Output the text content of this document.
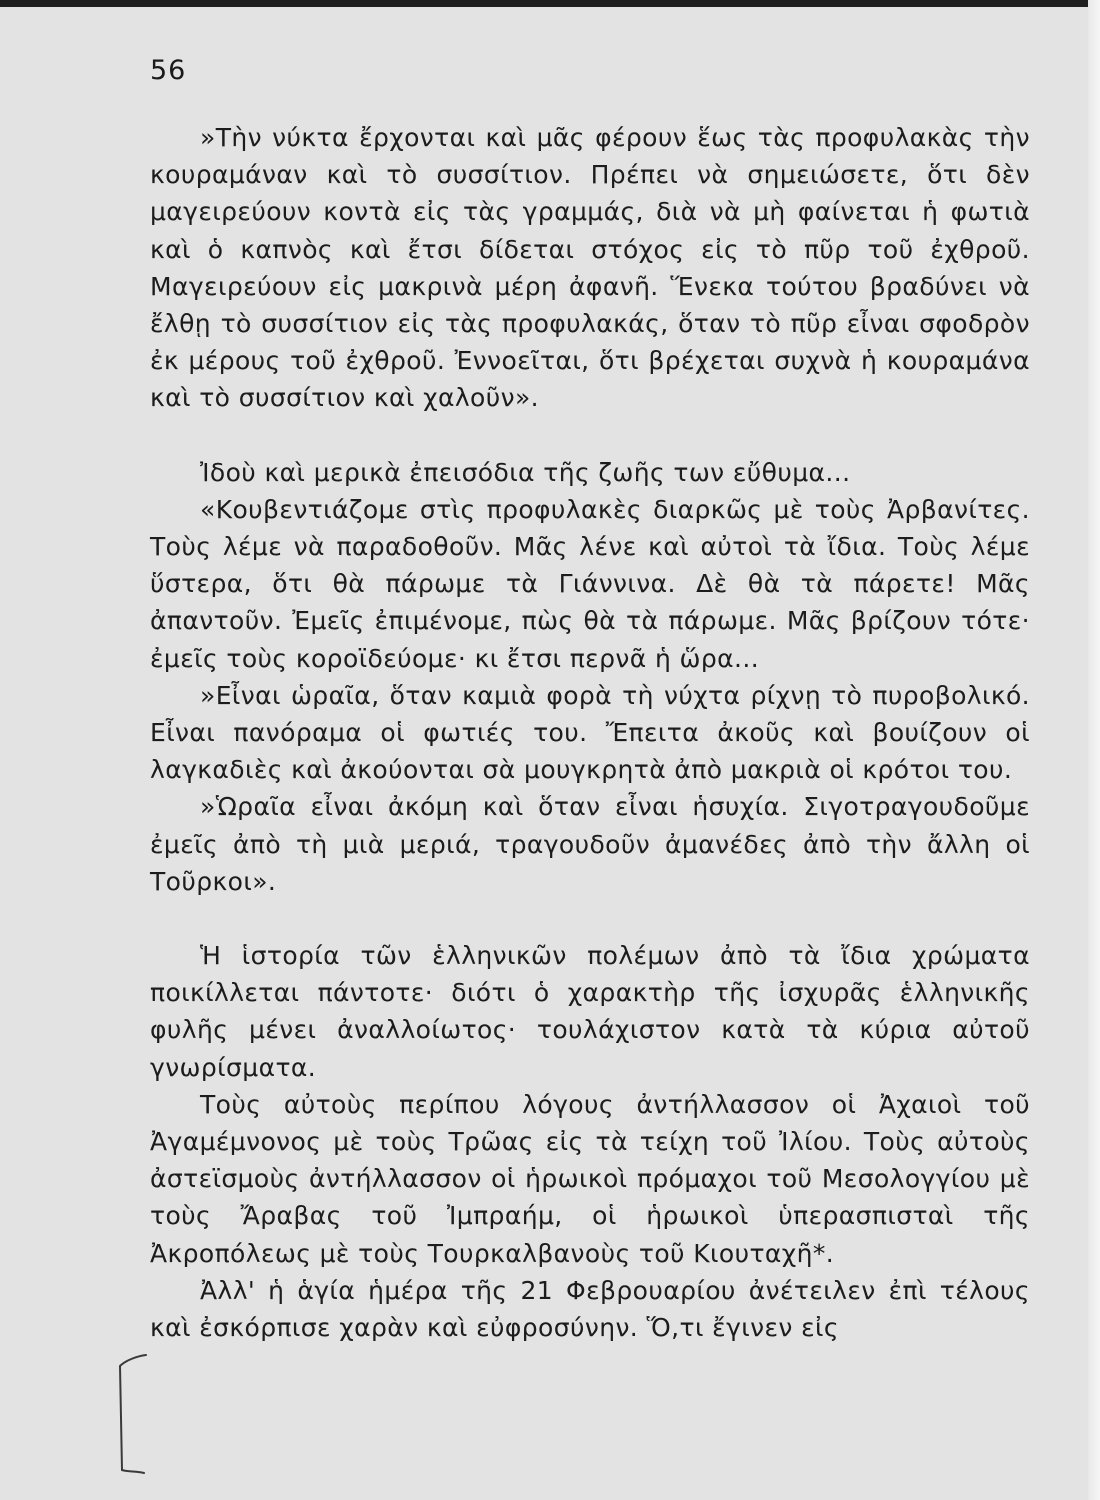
56

»Τὴν νύκτα ἔρχονται καὶ μᾶς φέρουν ἕως τὰς προφυλακὰς τὴν κουραμάναν καὶ τὸ συσσίτιον. Πρέπει νὰ σημειώσετε, ὅτι δὲν μαγειρεύουν κοντὰ εἰς τὰς γραμμάς, διὰ νὰ μὴ φαίνεται ἡ φωτιὰ καὶ ὁ καπνὸς καὶ ἔτσι δίδεται στόχος εἰς τὸ πῦρ τοῦ ἐχθροῦ. Μαγειρεύουν εἰς μακρινὰ μέρη ἀφανῆ. Ἕνεκα τούτου βραδύνει νὰ ἔλθῃ τὸ συσσίτιον εἰς τὰς προφυλακάς, ὅταν τὸ πῦρ εἶναι σφοδρὸν ἐκ μέρους τοῦ ἐχθροῦ. Ἐννοεῖται, ὅτι βρέχεται συχνὰ ἡ κουραμάνα καὶ τὸ συσσίτιον καὶ χαλοῦν».

Ἰδοὺ καὶ μερικὰ ἐπεισόδια τῆς ζωῆς των εὔθυμα...

«Κουβεντιάζομε στὶς προφυλακὲς διαρκῶς μὲ τοὺς Ἀρβανίτες. Τοὺς λέμε νὰ παραδοθοῦν. Μᾶς λένε καὶ αὐτοὶ τὰ ἴδια. Τοὺς λέμε ὕστερα, ὅτι θὰ πάρωμε τὰ Γιάννινα. Δὲ θὰ τὰ πάρετε! Μᾶς ἀπαντοῦν. Ἐμεῖς ἐπιμένομε, πὼς θὰ τὰ πάρωμε. Μᾶς βρίζουν τότε· ἐμεῖς τοὺς κοροϊδεύομε· κι ἔτσι περνᾶ ἡ ὥρα...

»Εἶναι ὡραῖα, ὅταν καμιὰ φορὰ τὴ νύχτα ρίχνῃ τὸ πυροβολικό. Εἶναι πανόραμα οἱ φωτιές του. Ἔπειτα ἀκοῦς καὶ βουίζουν οἱ λαγκαδιὲς καὶ ἀκούονται σὰ μουγκρητὰ ἀπὸ μακριὰ οἱ κρότοι του.

»Ὡραῖα εἶναι ἀκόμη καὶ ὅταν εἶναι ἡσυχία. Σιγοτραγουδοῦμε ἐμεῖς ἀπὸ τὴ μιὰ μεριά, τραγουδοῦν ἀμανέδες ἀπὸ τὴν ἄλλη οἱ Τοῦρκοι».

Ἡ ἱστορία τῶν ἑλληνικῶν πολέμων ἀπὸ τὰ ἴδια χρώματα ποικίλλεται πάντοτε· διότι ὁ χαρακτὴρ τῆς ἰσχυρᾶς ἑλληνικῆς φυλῆς μένει ἀναλλοίωτος· τουλάχιστον κατὰ τὰ κύρια αὐτοῦ γνωρίσματα.

Τοὺς αὐτοὺς περίπου λόγους ἀντήλλασσον οἱ Ἀχαιοὶ τοῦ Ἀγαμέμνονος μὲ τοὺς Τρῶας εἰς τὰ τείχη τοῦ Ἰλίου. Τοὺς αὐτοὺς ἀστεϊσμοὺς ἀντήλλασσον οἱ ἡρωικοὶ πρόμαχοι τοῦ Μεσολογγίου μὲ τοὺς Ἄραβας τοῦ Ἰμπραήμ, οἱ ἡρωικοὶ ὑπερασπισταὶ τῆς Ἀκροπόλεως μὲ τοὺς Τουρκαλβανοὺς τοῦ Κιουταχῆ*.

Ἀλλ' ἡ ἁγία ἡμέρα τῆς 21 Φεβρουαρίου ἀνέτειλεν ἐπὶ τέλους καὶ ἐσκόρπισε χαρὰν καὶ εὐφροσύνην. Ὅ,τι ἔγινεν εἰς
